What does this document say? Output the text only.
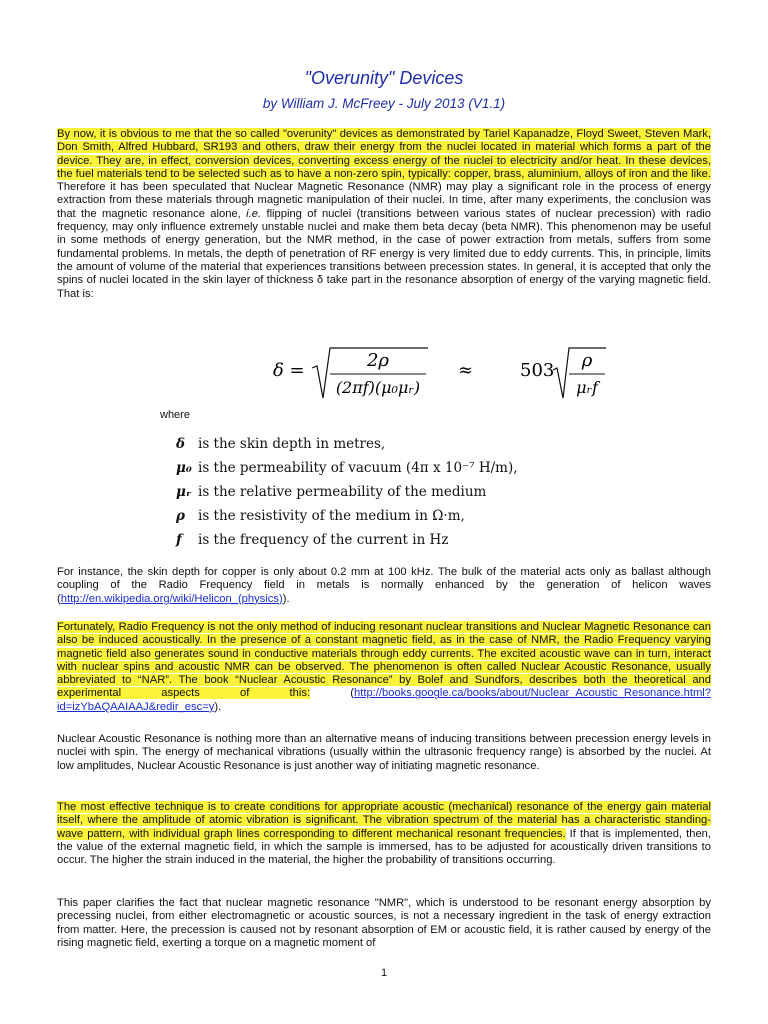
"Overunity" Devices
by William J. McFreey - July 2013 (V1.1)

By now, it is obvious to me that the so called "overunity" devices as demonstrated by Tariel Kapanadze, Floyd Sweet, Steven Mark, Don Smith, Alfred Hubbard, SR193 and others, draw their energy from the nuclei located in material which forms a part of the device. They are, in effect, conversion devices, converting excess energy of the nuclei to electricity and/or heat. In these devices, the fuel materials tend to be selected such as to have a non-zero spin, typically: copper, brass, aluminium, alloys of iron and the like. Therefore it has been speculated that Nuclear Magnetic Resonance (NMR) may play a significant role in the process of energy extraction from these materials through magnetic manipulation of their nuclei. In time, after many experiments, the conclusion was that the magnetic resonance alone, i.e. flipping of nuclei (transitions between various states of nuclear precession) with radio frequency, may only influence extremely unstable nuclei and make them beta decay (beta NMR). This phenomenon may be useful in some methods of energy generation, but the NMR method, in the case of power extraction from metals, suffers from some fundamental problems. In metals, the depth of penetration of RF energy is very limited due to eddy currents. This, in principle, limits the amount of volume of the material that experiences transitions between precession states. In general, it is accepted that only the spins of nuclei located in the skin layer of thickness δ take part in the resonance absorption of energy of the varying magnetic field. That is:

δ =	2ρ
(2πf)(μ₀μᵣ)
≈	503 ρ
μᵣf
where
δ is the skin depth in metres,
μ₀ is the permeability of vacuum (4π x 10⁻⁷ H/m),
μᵣ is the relative permeability of the medium
ρ is the resistivity of the medium in Ω·m,
f is the frequency of the current in Hz

For instance, the skin depth for copper is only about 0.2 mm at 100 kHz. The bulk of the material acts only as ballast although coupling of the Radio Frequency field in metals is normally enhanced by the generation of helicon waves (http://en.wikipedia.org/wiki/Helicon_(physics)).

Fortunately, Radio Frequency is not the only method of inducing resonant nuclear transitions and Nuclear Magnetic Resonance can also be induced acoustically. In the presence of a constant magnetic field, as in the case of NMR, the Radio Frequency varying magnetic field also generates sound in conductive materials through eddy currents. The excited acoustic wave can in turn, interact with nuclear spins and acoustic NMR can be observed. The phenomenon is often called Nuclear Acoustic Resonance, usually abbreviated to “NAR”. The book “Nuclear Acoustic Resonance” by Bolef and Sundfors, describes both the theoretical and experimental aspects of this: (http://books.google.ca/books/about/Nuclear_Acoustic_Resonance.html?id=izYbAQAAIAAJ&redir_esc=y).

Nuclear Acoustic Resonance is nothing more than an alternative means of inducing transitions between precession energy levels in nuclei with spin. The energy of mechanical vibrations (usually within the ultrasonic frequency range) is absorbed by the nuclei. At low amplitudes, Nuclear Acoustic Resonance is just another way of initiating magnetic resonance.

The most effective technique is to create conditions for appropriate acoustic (mechanical) resonance of the energy gain material itself, where the amplitude of atomic vibration is significant. The vibration spectrum of the material has a characteristic standing-wave pattern, with individual graph lines corresponding to different mechanical resonant frequencies. If that is implemented, then, the value of the external magnetic field, in which the sample is immersed, has to be adjusted for acoustically driven transitions to occur. The higher the strain induced in the material, the higher the probability of transitions occurring.

This paper clarifies the fact that nuclear magnetic resonance "NMR", which is understood to be resonant energy absorption by precessing nuclei, from either electromagnetic or acoustic sources, is not a necessary ingredient in the task of energy extraction from matter. Here, the precession is caused not by resonant absorption of EM or acoustic field, it is rather caused by energy of the rising magnetic field, exerting a torque on a magnetic moment of

1
